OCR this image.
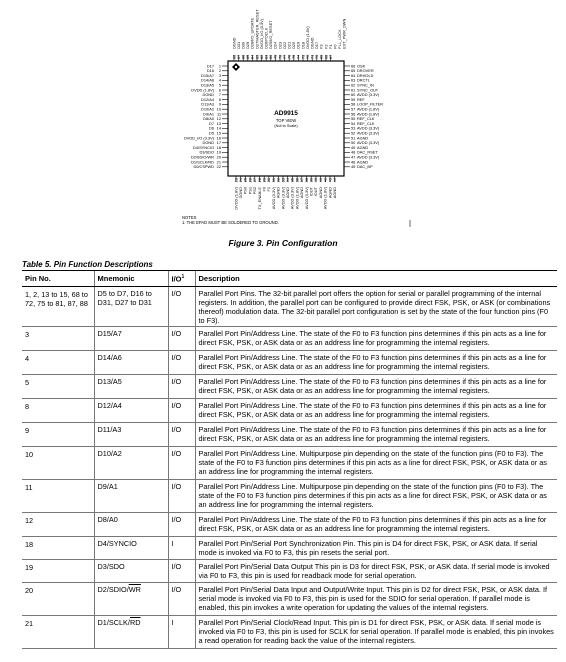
88
DGND
87
D31
86
D30
85
D29
84
D28/I/O_UPDATE
83
D27/MASTER_RESET
82
DVDD_I/O (3.3V)
81
D26/PDCLK
80
D25/I/O_RESET
79
D24
78
D23
77
D22
76
D21
75
D20
74
D19
73
D18
72
DVDD (1.8V)
71
DGND
70
D17
69
F3
68
F2
67
F1 F0 PLL_LOCK EXT_PWR_DWN
1
D17
2
D16
3
D15/A7
4
D14/A6
5
D13/A5
6
DVDD (1.8V)
7
DGND
8
D12/A4
9
D11/A3
10
D10/A2
11
D9/A1
12
D8/A0
13
D7
14
D6
15
D5
16
DVDD_I/O (3.3V)
17
DGND
18
D4/SYNCIO
19
D3/SDO
20
D2/SDIO/WR
21
D1/SCLK/RD
22
D0/CSPWD
66 OSK
65 DROVER
64 DRHOLD
63 DRCTL
62 SYNC_IN
61 SYNC_OUT
60 AVDD (3.3V)
59 REF
58 LOOP_FILTER
57 AVDD (1.8V)
56 AVDD (1.8V)
55 REF_CLK
54 REF_CLK
53 AVDD (3.3V)
52 AVDD (3.3V)
51 AGND
50 AVDD (3.3V)
49 AGND
48 DAC_RSET
47 AVDD (3.3V)
46 AGND
45 DAC_BP
23
DVDD (1.8V)
24
DGND
25
PS0
26
PS1
27
PS2
28
TX_ENABLE
29
F0
30
F1
31
AVDD (3.3V)
32
AGND
33
AVDD (3.3V)
34
AGND
35
AVDD (3.3V)
36
AVDD (1.8V)
37
AGND
38
AVDD (3.3V)
39
IOUT
40
IOUT
41
AGND
42
AVDD (1.8V)
43
AGND
44
AGND
AD9915
TOP VIEW
(Not to Scale)
NOTES
1. THE EPAD MUST BE SOLDERED TO GROUND.
Figure 3. Pin Configuration
Table 5. Pin Function Descriptions
Pin No.	Mnemonic	$I/O^1$	Description
1, 2, 13 to 15, 68 to 72, 75 to 81, 87, 88	D5 to D7, D16 to D31, D27 to D31	I/O	Parallel Port Pins. The 32-bit parallel port offers the option for serial or parallel programming of the internal registers. In addition, the parallel port can be configured to provide direct FSK, PSK, or ASK (or combinations thereof) modulation data. The 32-bit parallel port configuration is set by the state of the four function pins (F0 to F3).
3	D15/A7	I/O	Parallel Port Pin/Address Line. The state of the F0 to F3 function pins determines if this pin acts as a line for direct FSK, PSK, or ASK data or as an address line for programming the internal registers.
4	D14/A6	I/O	Parallel Port Pin/Address Line. The state of the F0 to F3 function pins determines if this pin acts as a line for direct FSK, PSK, or ASK data or as an address line for programming the internal registers.
5	D13/A5	I/O	Parallel Port Pin/Address Line. The state of the F0 to F3 function pins determines if this pin acts as a line for direct FSK, PSK, or ASK data or as an address line for programming the internal registers.
8	D12/A4	I/O	Parallel Port Pin/Address Line. The state of the F0 to F3 function pins determines if this pin acts as a line for direct FSK, PSK, or ASK data or as an address line for programming the internal registers.
9	D11/A3	I/O	Parallel Port Pin/Address Line. The state of the F0 to F3 function pins determines if this pin acts as a line for direct FSK, PSK, or ASK data or as an address line for programming the internal registers.
10	D10/A2	I/O	Parallel Port Pin/Address Line. Multipurpose pin depending on the state of the function pins (F0 to F3). The state of the F0 to F3 function pins determines if this pin acts as a line for direct FSK, PSK, or ASK data or as an address line for programming the internal registers.
11	D9/A1	I/O	Parallel Port Pin/Address Line. Multipurpose pin depending on the state of the function pins (F0 to F3). The state of the F0 to F3 function pins determines if this pin acts as a line for direct FSK, PSK, or ASK data or as an address line for programming the internal registers.
12	D8/A0	I/O	Parallel Port Pin/Address Line. The state of the F0 to F3 function pins determines if this pin acts as a line for direct FSK, PSK, or ASK data or as an address line for programming the internal registers.
18	D4/SYNCIO	I	Parallel Port Pin/Serial Port Synchronization Pin. This pin is D4 for direct FSK, PSK, or ASK data. If serial mode is invoked via F0 to F3, this pin resets the serial port.
19	D3/SDO	I/O	Parallel Port Pin/Serial Data Output This pin is D3 for direct FSK, PSK, or ASK data. If serial mode is invoked via F0 to F3, this pin is used for readback mode for serial operation.
20	$D2/SDIO/\overline{WR}$	I/O	Parallel Port Pin/Serial Data Input and Output/Write Input. This pin is D2 for direct FSK, PSK, or ASK data. If serial mode is invoked via F0 to F3, this pin is used for the SDIO for serial operation. If parallel mode is enabled, this pin invokes a write operation for updating the values of the internal registers.
21	$D1/SCLK/\overline{RD}$	I	Parallel Port Pin/Serial Clock/Read Input. This pin is D1 for direct FSK, PSK, or ASK data. If serial mode is invoked via F0 to F3, this pin is used for SCLK for serial operation. If parallel mode is enabled, this pin invokes a read operation for reading back the value of the internal registers.
